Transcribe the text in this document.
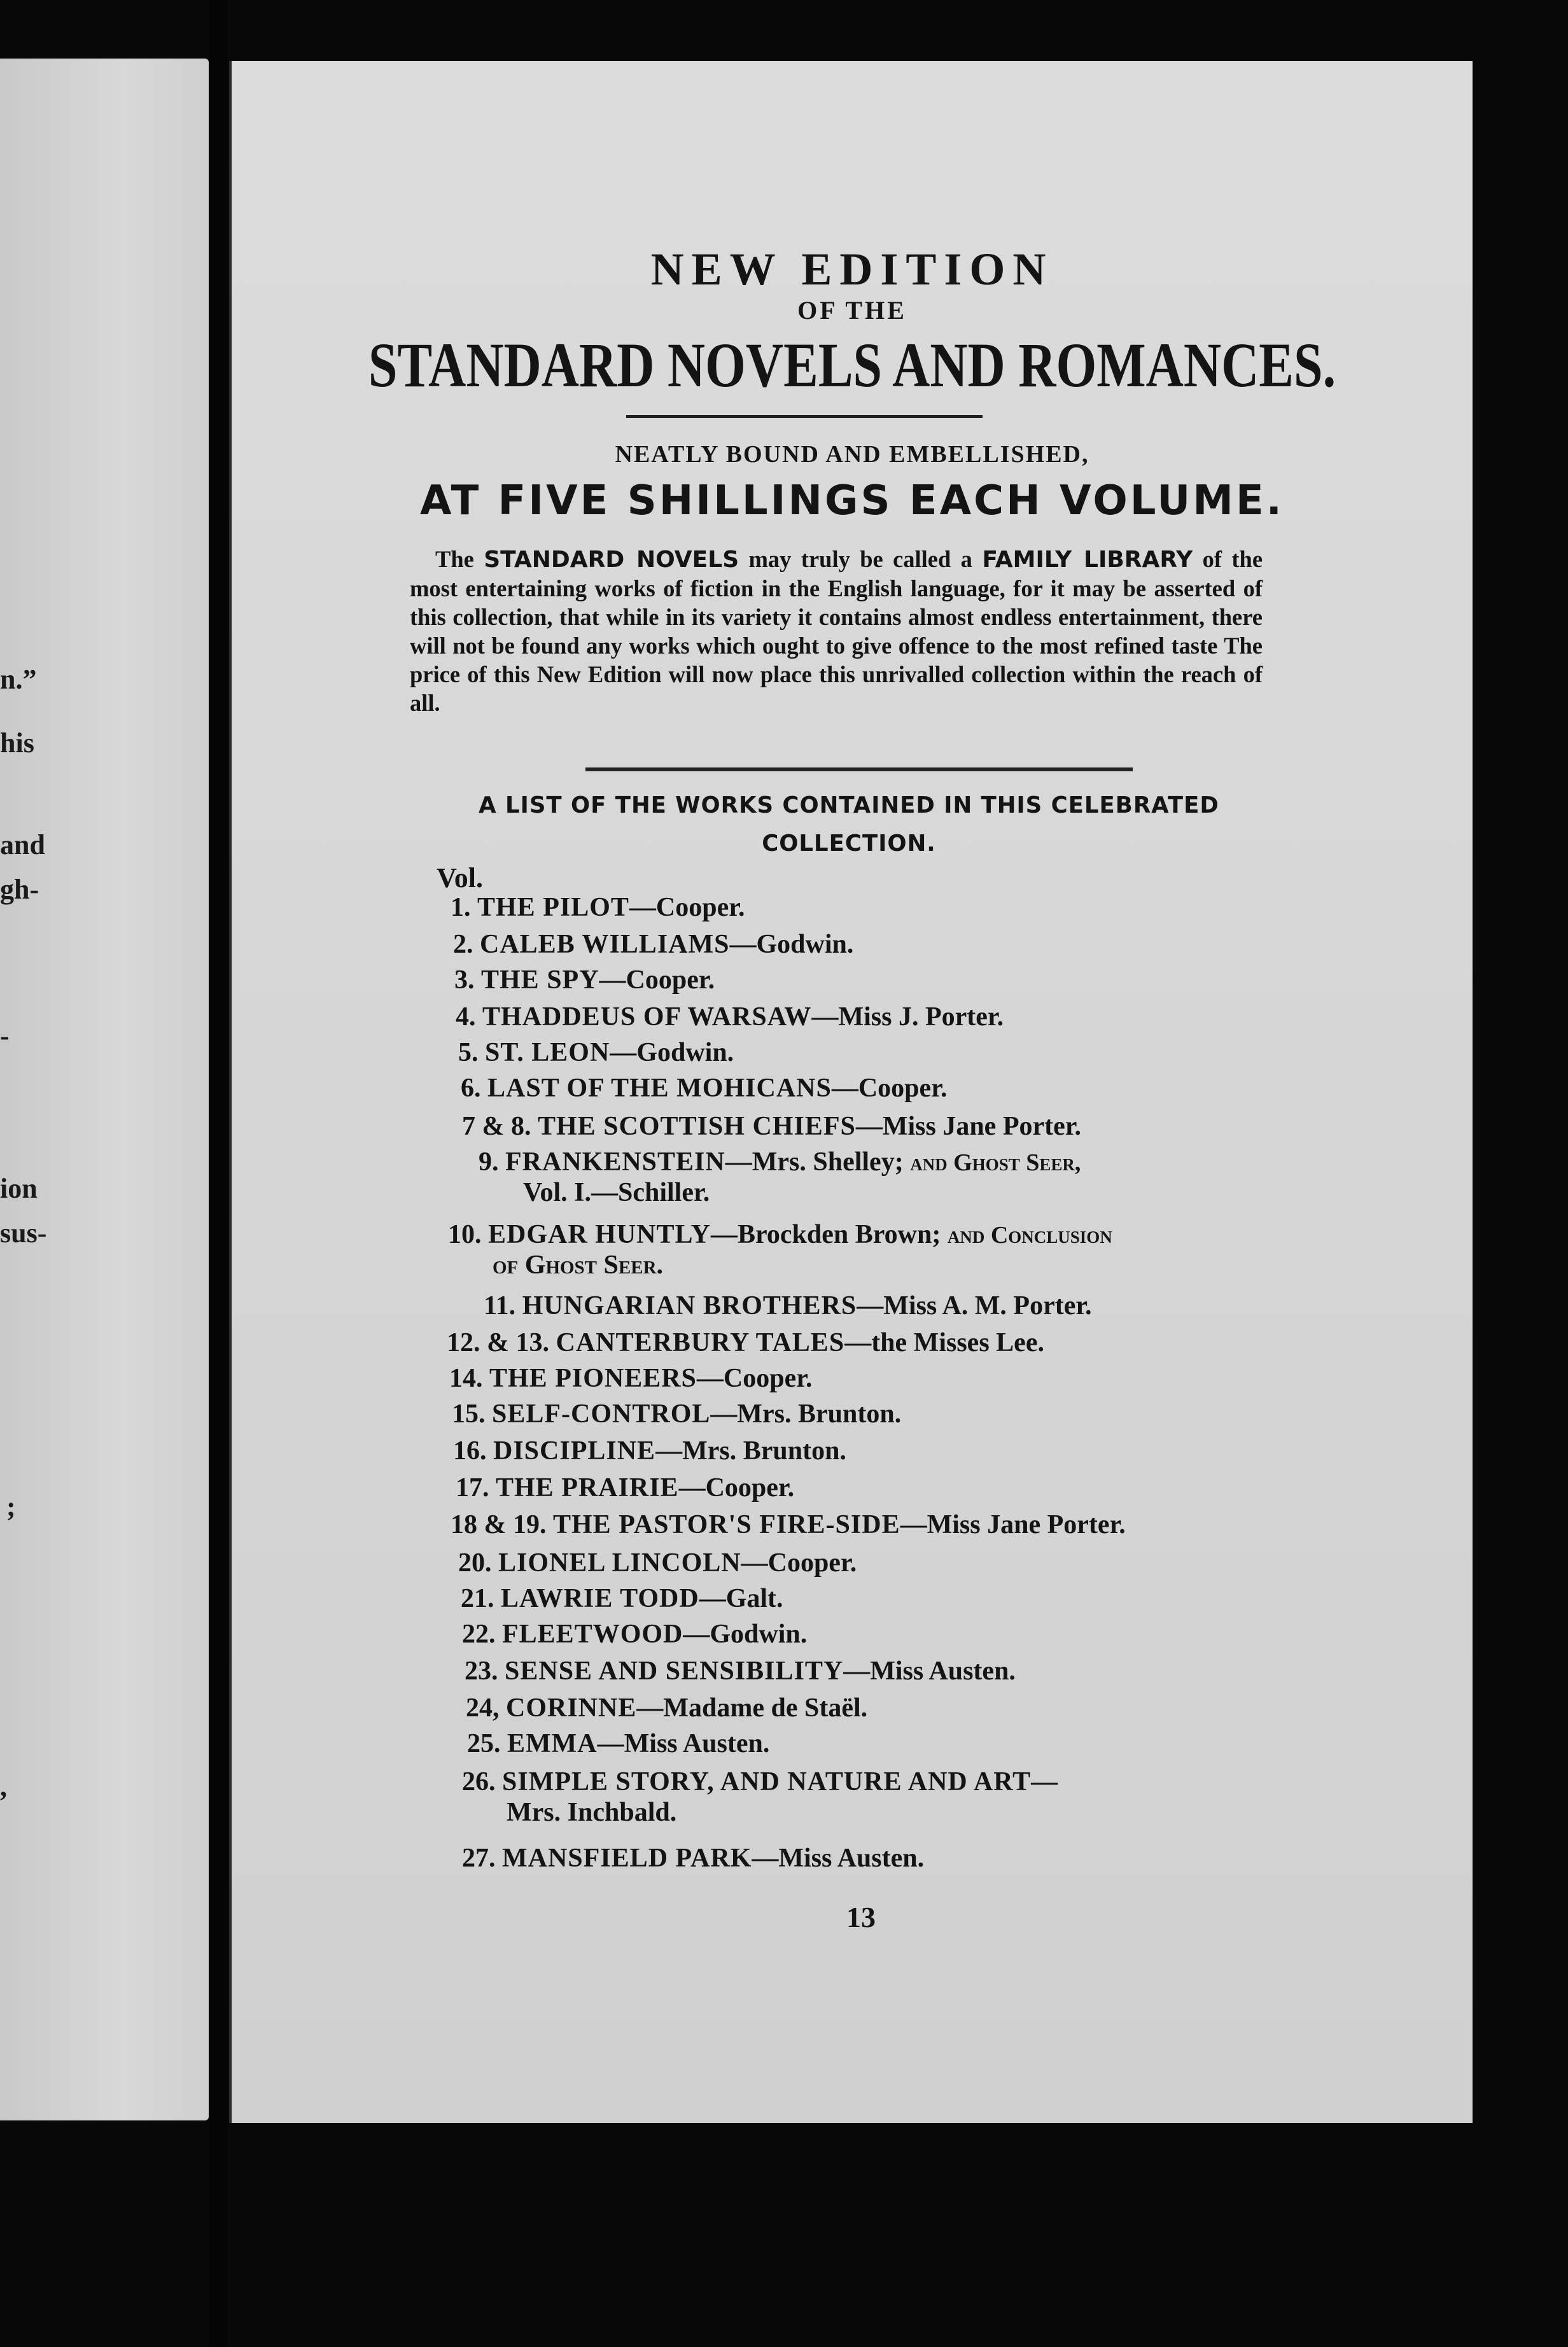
n.”
his
and
gh-
-
ion
sus-
;
,
NEW EDITION
OF THE
STANDARD NOVELS AND ROMANCES.
NEATLY BOUND AND EMBELLISHED,
AT FIVE SHILLINGS EACH VOLUME.

The STANDARD NOVELS may truly be called a FAMILY LIBRARY of the most entertaining works of fiction in the English language, for it may be asserted of this collection, that while in its variety it contains almost endless entertainment, there will not be found any works which ought to give offence to the most refined taste The price of this New Edition will now place this unrivalled collection within the reach of all.

A LIST OF THE WORKS CONTAINED IN THIS CELEBRATED COLLECTION.
Vol.
1. THE PILOT—Cooper.
2. CALEB WILLIAMS—Godwin.
3. THE SPY—Cooper.
4. THADDEUS OF WARSAW—Miss J. Porter.
5. ST. LEON—Godwin.
6. LAST OF THE MOHICANS—Cooper.
7 & 8. THE SCOTTISH CHIEFS—Miss Jane Porter.
9. FRANKENSTEIN—Mrs. Shelley; and Ghost Seer,
Vol. I.—Schiller.
10. EDGAR HUNTLY—Brockden Brown; and Conclusion
of Ghost Seer.
11. HUNGARIAN BROTHERS—Miss A. M. Porter.
12. & 13. CANTERBURY TALES—the Misses Lee.
14. THE PIONEERS—Cooper.
15. SELF-CONTROL—Mrs. Brunton.
16. DISCIPLINE—Mrs. Brunton.
17. THE PRAIRIE—Cooper.
18 & 19. THE PASTOR'S FIRE-SIDE—Miss Jane Porter.
20. LIONEL LINCOLN—Cooper.
21. LAWRIE TODD—Galt.
22. FLEETWOOD—Godwin.
23. SENSE AND SENSIBILITY—Miss Austen.
24, CORINNE—Madame de Staël.
25. EMMA—Miss Austen.
26. SIMPLE STORY, AND NATURE AND ART—
Mrs. Inchbald.
27. MANSFIELD PARK—Miss Austen.
13
